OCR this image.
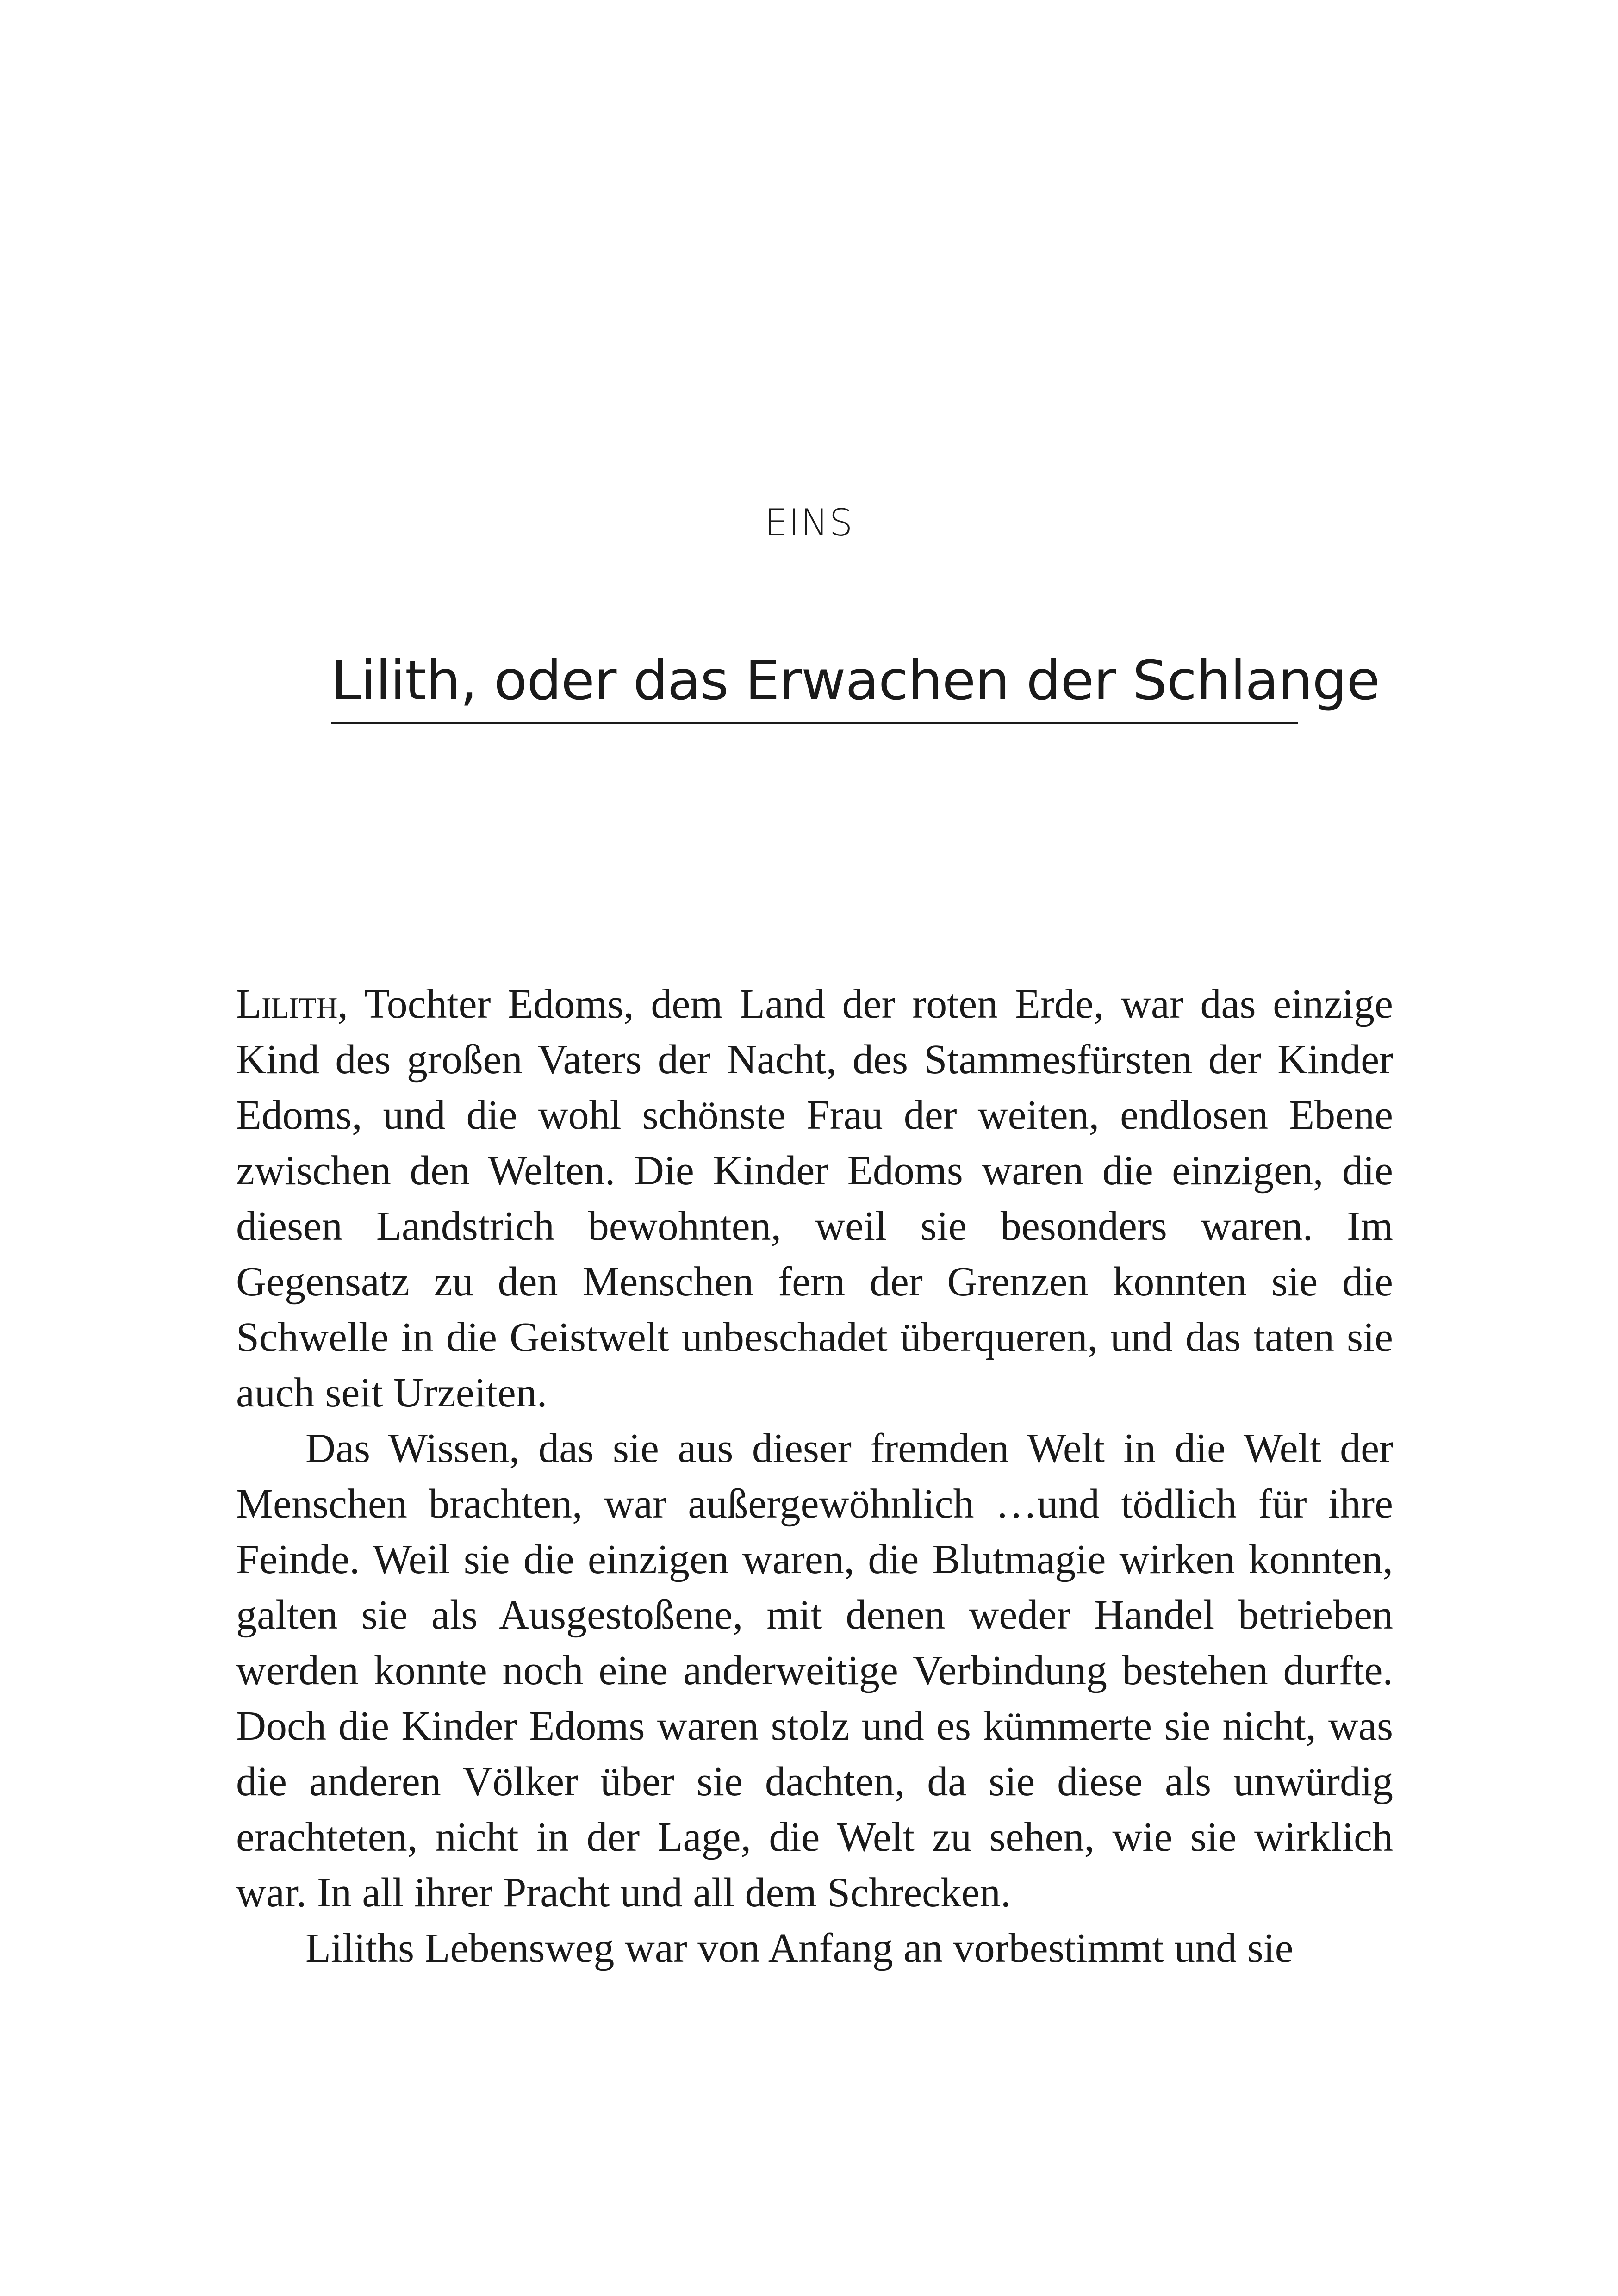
EINS
Lilith, oder das Erwachen der Schlange

Lilith, Tochter Edoms, dem Land der roten Erde, war das einzige Kind des großen Vaters der Nacht, des Stammesfürsten der Kinder Edoms, und die wohl schönste Frau der weiten, endlosen Ebene zwischen den Welten. Die Kinder Edoms waren die einzigen, die diesen Landstrich bewohnten, weil sie besonders waren. Im Gegensatz zu den Menschen fern der Grenzen konnten sie die Schwelle in die Geistwelt unbeschadet überqueren, und das taten sie auch seit Urzeiten.

Das Wissen, das sie aus dieser fremden Welt in die Welt der Menschen brachten, war außergewöhnlich …und tödlich für ihre Feinde. Weil sie die einzigen waren, die Blutmagie wirken konnten, galten sie als Ausgestoßene, mit denen weder Handel betrieben werden konnte noch eine anderweitige Verbindung bestehen durfte. Doch die Kinder Edoms waren stolz und es kümmerte sie nicht, was die anderen Völker über sie dachten, da sie diese als unwürdig erachteten, nicht in der Lage, die Welt zu sehen, wie sie wirklich war. In all ihrer Pracht und all dem Schrecken.

Liliths Lebensweg war von Anfang an vorbestimmt und sie
